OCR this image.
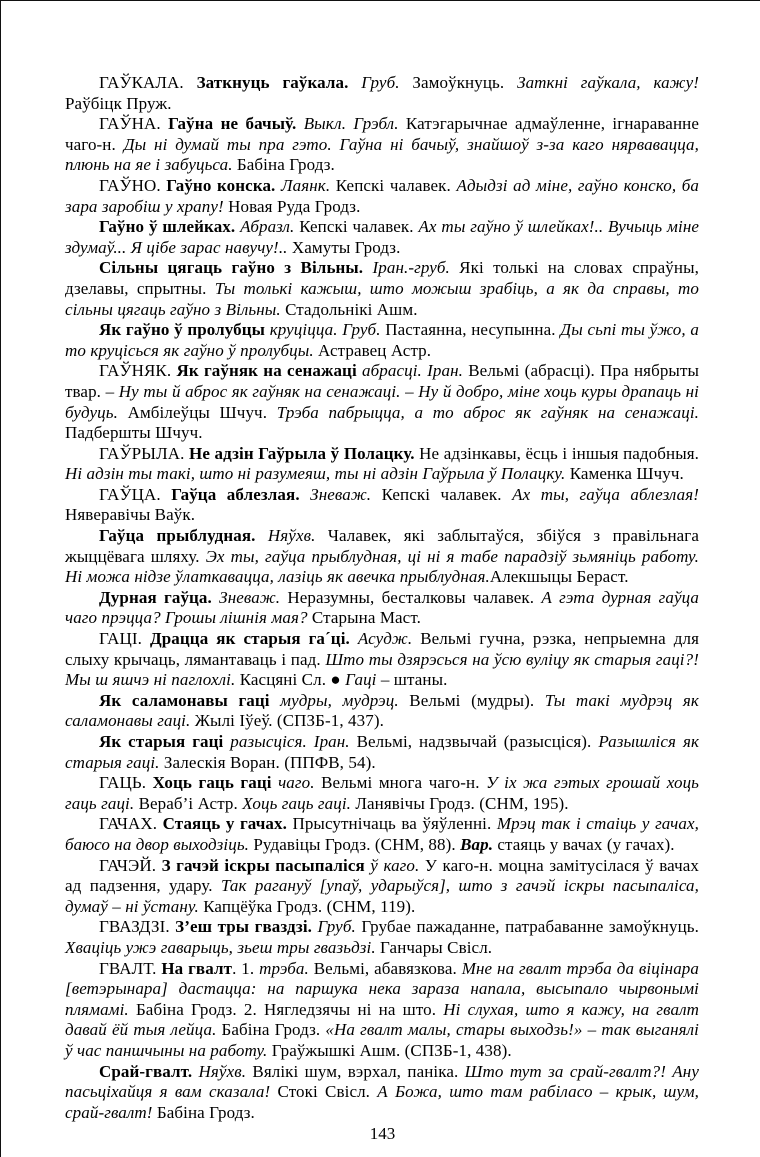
ГАЎКАЛА. Заткнуць гаўкала. Груб. Замоўкнуць. Заткні гаўкала, кажу! Раўбіцк Пруж.

ГАЎНА. Гаўна не бачыў. Выкл. Грэбл. Катэгарычнае адмаўленне, ігнараванне чаго-н. Ды ні думай ты пра гэто. Гаўна ні бачыў, знайшоў з-за каго нярвавацца, плюнь на яе і забуцьса. Бабіна Гродз.

ГАЎНО. Гаўно конска. Лаянк. Кепскі чалавек. Адыдзі ад міне, гаўно конско, ба зара заробіш у храпу! Новая Руда Гродз.

Гаўно ў шлейках. Абразл. Кепскі чалавек. Ах ты гаўно ў шлейках!.. Вучыць міне здумаў... Я цібе зарас навучу!.. Хамуты Гродз.

Сільны цягаць гаўно з Вільны. Іран.-груб. Які толькі на словах спраўны, дзелавы, спрытны. Ты толькі кажыш, што можыш зрабіць, а як да справы, то сільны цягаць гаўно з Вільны. Стадольнікі Ашм.

Як гаўно ў пролубцы круціцца. Груб. Пастаянна, несупынна. Ды сьпі ты ўжо, а то круцісься як гаўно ў пролубцы. Астравец Астр.

ГАЎНЯК. Як гаўняк на сенажаці абрасці. Іран. Вельмі (абрасці). Пра нябрыты твар. – Ну ты й аброс як гаўняк на сенажаці. – Ну й добро, міне хоць куры драпаць ні будуць. Амбілеўцы Шчуч. Трэба пабрыцца, а то аброс як гаўняк на сенажаці. Падбершты Шчуч.

ГАЎРЫЛА. Не адзін Гаўрыла ў Полацку. Не адзінкавы, ёсць і іншыя падобныя. Ні адзін ты такі, што ні разумеяш, ты ні адзін Гаўрыла ў Полацку. Каменка Шчуч.

ГАЎЦА. Гаўца аблезлая. Зневаж. Кепскі чалавек. Ах ты, гаўца аблезлая! Няверавічы Ваўк.

Гаўца прыблудная. Няўхв. Чалавек, які заблытаўся, збіўся з правільнага жыццёвага шляху. Эх ты, гаўца прыблудная, ці ні я табе парадзіў зьмяніць работу. Ні можа нідзе ўлаткавацца, лазіць як авечка прыблудная.Алекшыцы Бераст.

Дурная гаўца. Зневаж. Неразумны, бесталковы чалавек. А гэта дурная гаўца чаго прэцца? Грошы лішнія мая? Старына Маст.

ГАЦІ. Драцца як старыя га´ці. Асудж. Вельмі гучна, рэзка, непрыемна для слыху крычаць, лямантаваць і пад. Што ты дзярэсься на ўсю вуліцу як старыя гаці?! Мы ш яшчэ ні паглохлі. Касцяні Сл. ● Гаці – штаны.

Як саламонавы гаці мудры, мудрэц. Вельмі (мудры). Ты такі мудрэц як саламонавы гаці. Жылі Іўеў. (СПЗБ-1, 437).

Як старыя гаці разысціся. Іран. Вельмі, надзвычай (разысціся). Разышліся як старыя гаці. Залескія Воран. (ППФВ, 54).

ГАЦЬ. Хоць гаць гаці чаго. Вельмі многа чаго-н. У іх жа гэтых грошай хоць гаць гаці. Вераб’і Астр. Хоць гаць гаці. Ланявічы Гродз. (СНМ, 195).

ГАЧАХ. Стаяць у гачах. Прысутнічаць ва ўяўленні. Мрэц так і стаіць у гачах, баюсо на двор выходзіць. Рудавіцы Гродз. (СНМ, 88). Вар. стаяць у вачах (у гачах).

ГАЧЭЙ. З гачэй іскры пасыпаліся ў каго. У каго-н. моцна замітусілася ў вачах ад падзення, удару. Так рагануў [упаў, ударыўся], што з гачэй іскры пасыпаліса, думаў – ні ўстану. Капцёўка Гродз. (СНМ, 119).

ГВАЗДЗІ. З’еш тры гваздзі. Груб. Грубае пажаданне, патрабаванне замоўкнуць. Хваціць ужэ гаварыць, зьеш тры гвазьдзі. Ганчары Свісл.

ГВАЛТ. На гвалт. 1. трэба. Вельмі, абавязкова. Мне на гвалт трэба да віцінара [ветэрынара] дастацца: на паршука нека зараза напала, высыпало чырвонымі плямамі. Бабіна Гродз. 2. Нягледзячы ні на што. Ні слухая, што я кажу, на гвалт давай ёй тыя лейца. Бабіна Гродз. «На гвалт малы, стары выходзь!» – так выганялі ў час паншчыны на работу. Граўжышкі Ашм. (СПЗБ-1, 438).

Срай-гвалт. Няўхв. Вялікі шум, вэрхал, паніка. Што тут за срай-гвалт?! Ану пасьціхайця я вам сказала! Стокі Свісл. А Божа, што там рабіласо – крык, шум, срай-гвалт! Бабіна Гродз.

143
